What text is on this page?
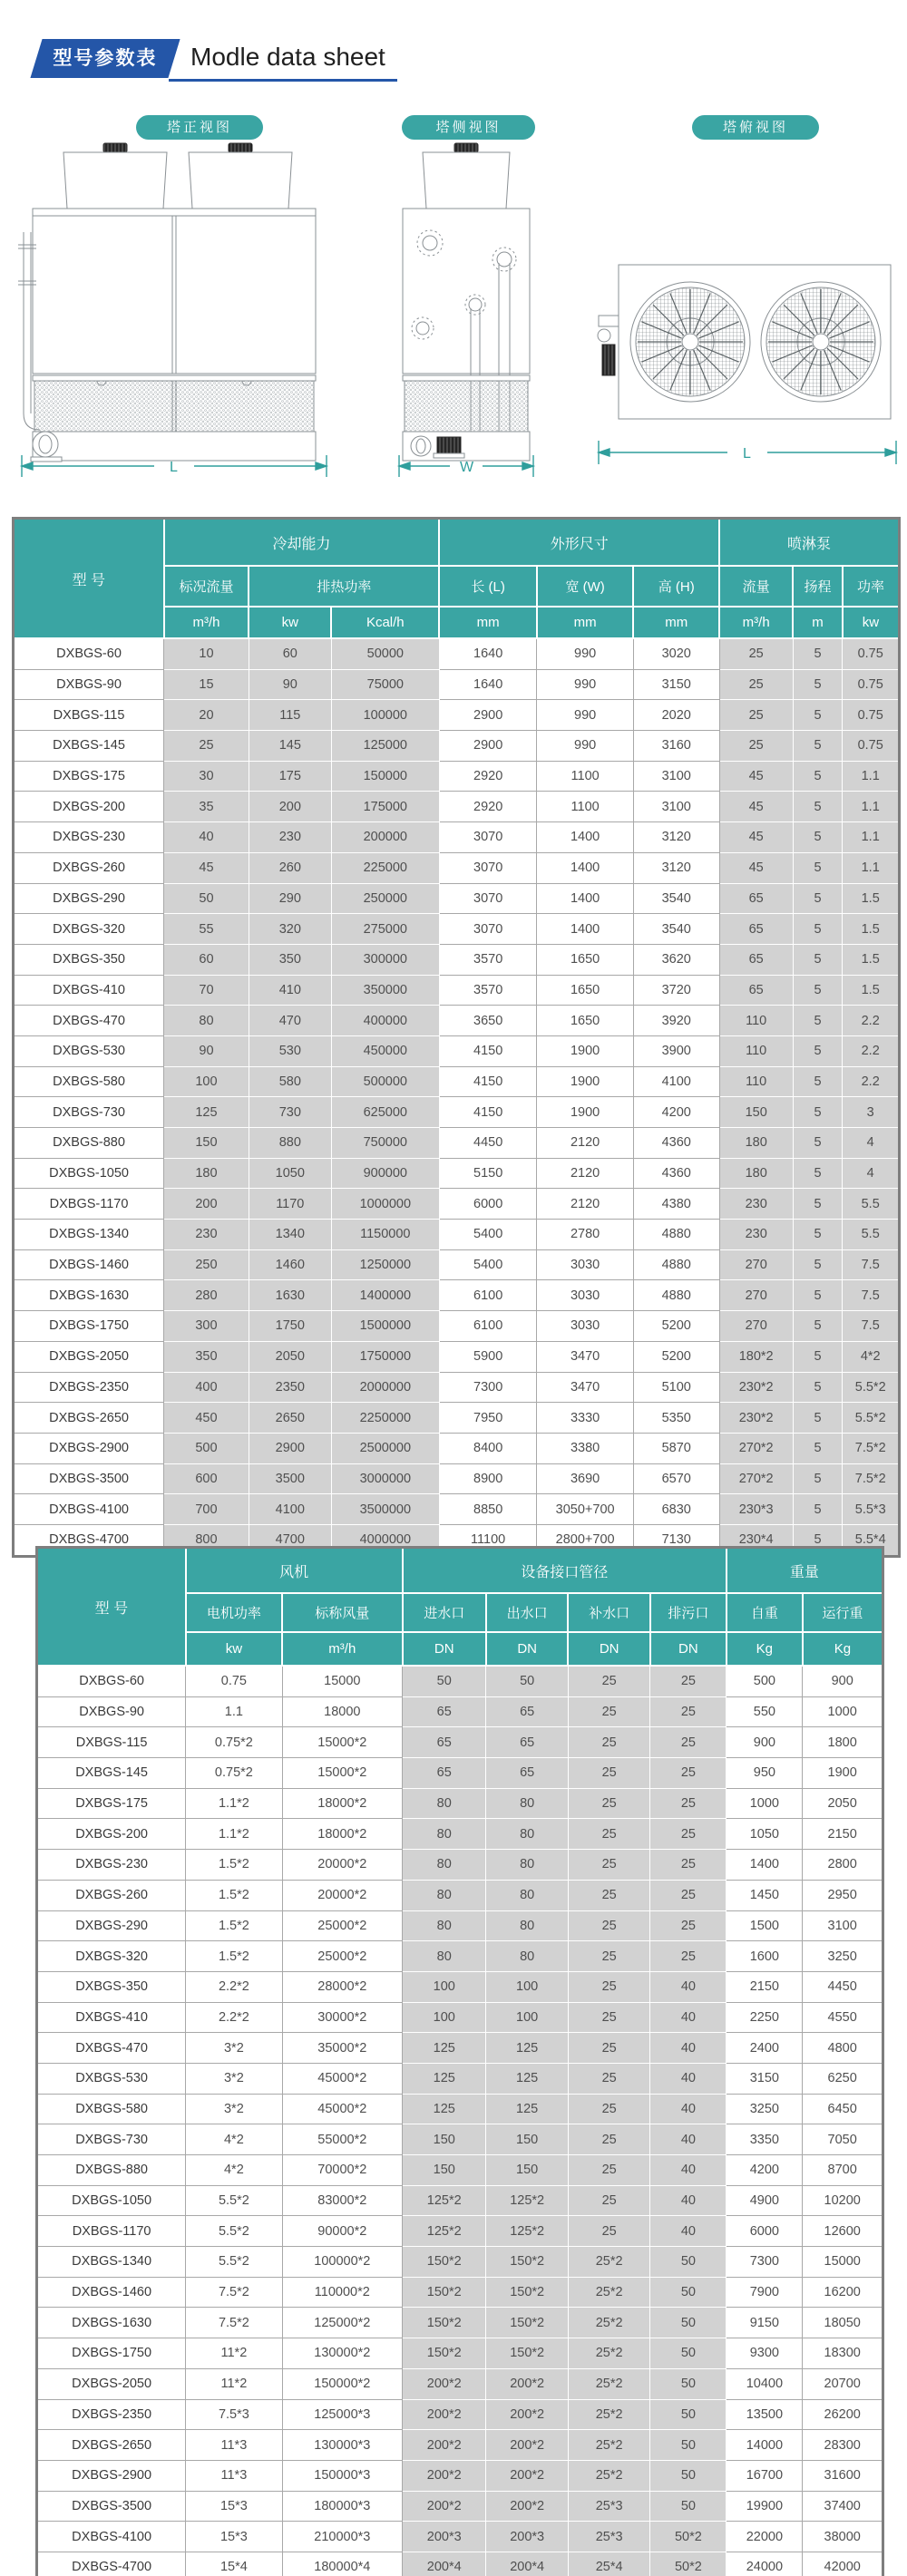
型号参数表	Modle data sheet
塔正视图	塔侧视图	塔俯视图
L	W
L
型 号	冷却能力			外形尺寸			喷淋泵		
	标况流量	排热功率		长 (L)	宽 (W)	高 (H)	流量	扬程	功率
	m³/h	kw	Kcal/h	mm	mm	mm	m³/h	m	kw
DXBGS-60	10	60	50000	1640	990	3020	25	5	0.75
DXBGS-90	15	90	75000	1640	990	3150	25	5	0.75
DXBGS-115	20	115	100000	2900	990	2020	25	5	0.75
DXBGS-145	25	145	125000	2900	990	3160	25	5	0.75
DXBGS-175	30	175	150000	2920	1100	3100	45	5	1.1
DXBGS-200	35	200	175000	2920	1100	3100	45	5	1.1
DXBGS-230	40	230	200000	3070	1400	3120	45	5	1.1
DXBGS-260	45	260	225000	3070	1400	3120	45	5	1.1
DXBGS-290	50	290	250000	3070	1400	3540	65	5	1.5
DXBGS-320	55	320	275000	3070	1400	3540	65	5	1.5
DXBGS-350	60	350	300000	3570	1650	3620	65	5	1.5
DXBGS-410	70	410	350000	3570	1650	3720	65	5	1.5
DXBGS-470	80	470	400000	3650	1650	3920	110	5	2.2
DXBGS-530	90	530	450000	4150	1900	3900	110	5	2.2
DXBGS-580	100	580	500000	4150	1900	4100	110	5	2.2
DXBGS-730	125	730	625000	4150	1900	4200	150	5	3
DXBGS-880	150	880	750000	4450	2120	4360	180	5	4
DXBGS-1050	180	1050	900000	5150	2120	4360	180	5	4
DXBGS-1170	200	1170	1000000	6000	2120	4380	230	5	5.5
DXBGS-1340	230	1340	1150000	5400	2780	4880	230	5	5.5
DXBGS-1460	250	1460	1250000	5400	3030	4880	270	5	7.5
DXBGS-1630	280	1630	1400000	6100	3030	4880	270	5	7.5
DXBGS-1750	300	1750	1500000	6100	3030	5200	270	5	7.5
DXBGS-2050	350	2050	1750000	5900	3470	5200	180*2	5	4*2
DXBGS-2350	400	2350	2000000	7300	3470	5100	230*2	5	5.5*2
DXBGS-2650	450	2650	2250000	7950	3330	5350	230*2	5	5.5*2
DXBGS-2900	500	2900	2500000	8400	3380	5870	270*2	5	7.5*2
DXBGS-3500	600	3500	3000000	8900	3690	6570	270*2	5	7.5*2
DXBGS-4100	700	4100	3500000	8850	3050+700	6830	230*3	5	5.5*3
DXBGS-4700	800	4700	4000000	11100	2800+700	7130	230*4	5	5.5*4
型 号	风机		设备接口管径				重量	
	电机功率	标称风量	进水口	出水口	补水口	排污口	自重	运行重
	kw	m³/h	DN	DN	DN	DN	Kg	Kg
DXBGS-60	0.75	15000	50	50	25	25	500	900
DXBGS-90	1.1	18000	65	65	25	25	550	1000
DXBGS-115	0.75*2	15000*2	65	65	25	25	900	1800
DXBGS-145	0.75*2	15000*2	65	65	25	25	950	1900
DXBGS-175	1.1*2	18000*2	80	80	25	25	1000	2050
DXBGS-200	1.1*2	18000*2	80	80	25	25	1050	2150
DXBGS-230	1.5*2	20000*2	80	80	25	25	1400	2800
DXBGS-260	1.5*2	20000*2	80	80	25	25	1450	2950
DXBGS-290	1.5*2	25000*2	80	80	25	25	1500	3100
DXBGS-320	1.5*2	25000*2	80	80	25	25	1600	3250
DXBGS-350	2.2*2	28000*2	100	100	25	40	2150	4450
DXBGS-410	2.2*2	30000*2	100	100	25	40	2250	4550
DXBGS-470	3*2	35000*2	125	125	25	40	2400	4800
DXBGS-530	3*2	45000*2	125	125	25	40	3150	6250
DXBGS-580	3*2	45000*2	125	125	25	40	3250	6450
DXBGS-730	4*2	55000*2	150	150	25	40	3350	7050
DXBGS-880	4*2	70000*2	150	150	25	40	4200	8700
DXBGS-1050	5.5*2	83000*2	125*2	125*2	25	40	4900	10200
DXBGS-1170	5.5*2	90000*2	125*2	125*2	25	40	6000	12600
DXBGS-1340	5.5*2	100000*2	150*2	150*2	25*2	50	7300	15000
DXBGS-1460	7.5*2	110000*2	150*2	150*2	25*2	50	7900	16200
DXBGS-1630	7.5*2	125000*2	150*2	150*2	25*2	50	9150	18050
DXBGS-1750	11*2	130000*2	150*2	150*2	25*2	50	9300	18300
DXBGS-2050	11*2	150000*2	200*2	200*2	25*2	50	10400	20700
DXBGS-2350	7.5*3	125000*3	200*2	200*2	25*2	50	13500	26200
DXBGS-2650	11*3	130000*3	200*2	200*2	25*2	50	14000	28300
DXBGS-2900	11*3	150000*3	200*2	200*2	25*2	50	16700	31600
DXBGS-3500	15*3	180000*3	200*2	200*2	25*3	50	19900	37400
DXBGS-4100	15*3	210000*3	200*3	200*3	25*3	50*2	22000	38000
DXBGS-4700	15*4	180000*4	200*4	200*4	25*4	50*2	24000	42000
